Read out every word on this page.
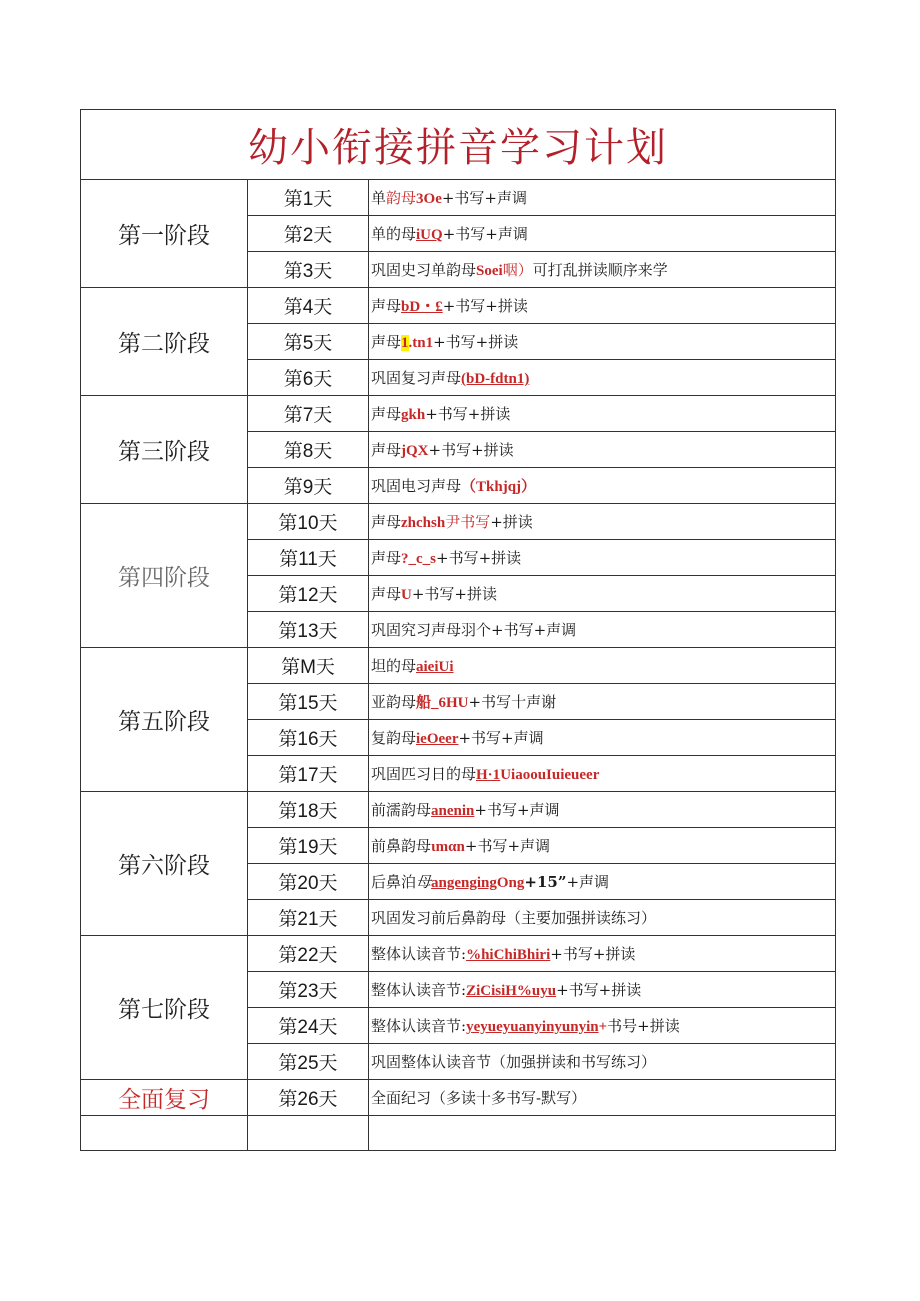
幼小衔接拼音学习计划		
第一阶段	第1天	单韵母3Oe+书写+声调
	第2天	单的母iUQ+书写+声调
	第3天	巩固史习单韵母Soei咽）可打乱拼读顺序来学
第二阶段	第4天	声母bD・£+书写+拼读
	第5天	声母1.tn1+书写+拼读
	第6天	巩固复习声母(bD-fdtn1)
第三阶段	第7天	声母gkh+书写+拼读
	第8天	声母jQX+书写+拼读
	第9天	巩固电习声母（Tkhjqj）
第四阶段	第10天	声母zhchsh尹书写+拼读
	第11天	声母?_c_s+书写+拼读
	第12天	声母U+书写+拼读
	第13天	巩固究习声母羽个+书写+声调
第五阶段	第M天	坦的母aieiUi
	第15天	亚韵母船_6HU+书写十声谢
	第16天	复韵母ieOeer+书写+声调
	第17天	巩固匹习日的母H·1UiaoouIuieueer
第六阶段	第18天	前濡韵母anenin+书写+声调
	第19天	前鼻韵母ιmαn+书写+声调
	第20天	后鼻泊母angengingOng+15”+声调
	第21天	巩固发习前后鼻韵母（主要加强拼读练习）
第七阶段	第22天	整体认读音节:%hiChiBhiri+书写+拼读
	第23天	整体认读音节:ZiCisiH%uyu+书写+拼读
	第24天	整体认读音节:yeyueyuanyinyunyin+书号+拼读
	第25天	巩固整体认读音节（加强拼读和书写练习）
全面复习	第26天	全面纪习（多读十多书写-默写）
